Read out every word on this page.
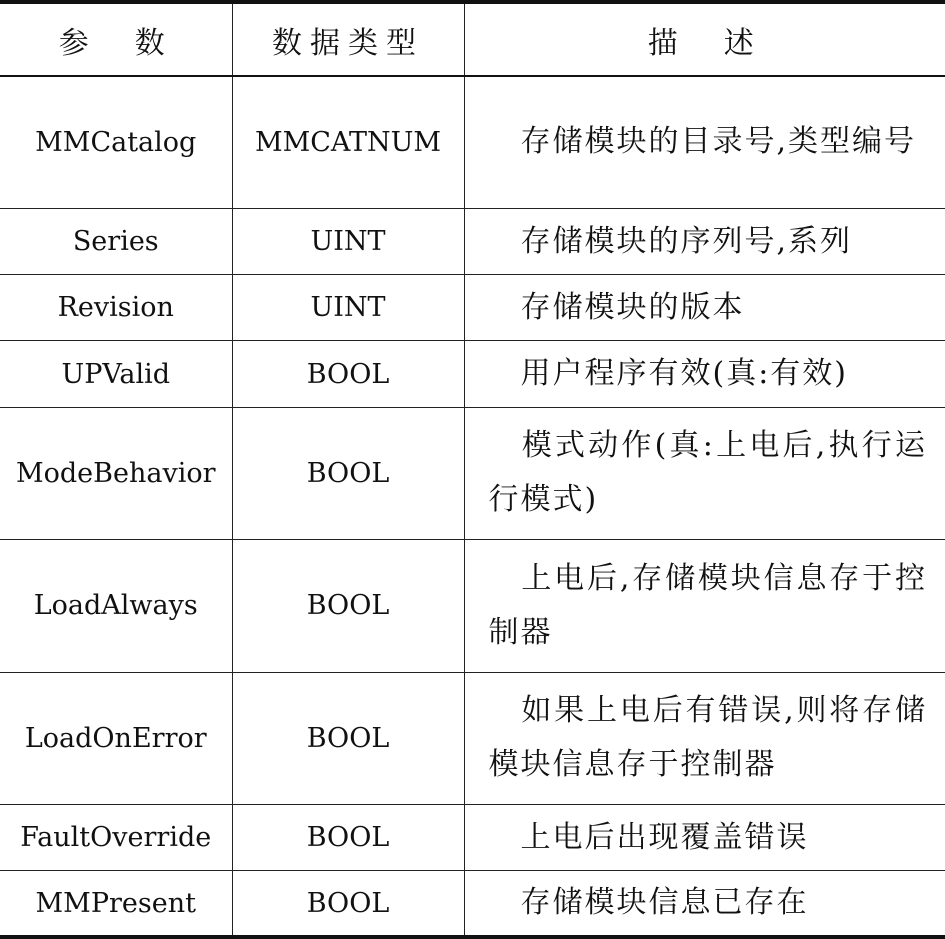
参　数	数据类型	描　述
MMCatalog	MMCATNUM	存储模块的目录号,类型编号
Series	UINT	存储模块的序列号,系列
Revision	UINT	存储模块的版本
UPValid	BOOL	用户程序有效(真:有效)
ModeBehavior	BOOL	模式动作(真:上电后,执行运行模式)
LoadAlways	BOOL	上电后,存储模块信息存于控制器
LoadOnError	BOOL	如果上电后有错误,则将存储模块信息存于控制器
FaultOverride	BOOL	上电后出现覆盖错误
MMPresent	BOOL	存储模块信息已存在
